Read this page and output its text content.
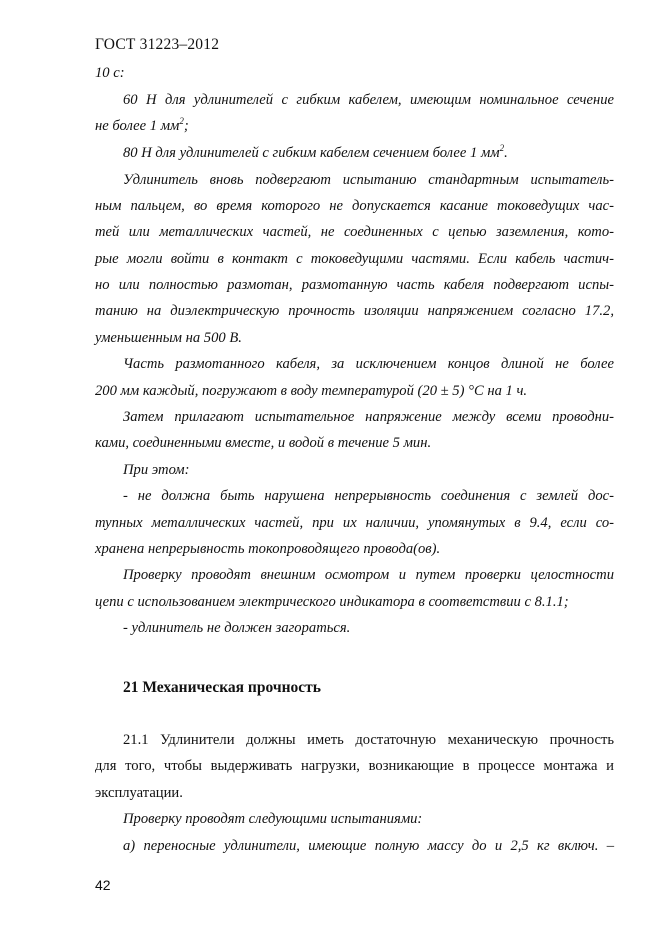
ГОСТ 31223–2012
10 с:
60 Н для удлинителей с гибким кабелем, имеющим номинальное сечение
не более 1 $мм^2$;
80 Н для удлинителей с гибким кабелем сечением более 1 $мм^2$.
Удлинитель вновь подвергают испытанию стандартным испытатель-
ным пальцем, во время которого не допускается касание токоведущих час-
тей или металлических частей, не соединенных с цепью заземления, кото-
рые могли войти в контакт с токоведущими частями. Если кабель частич-
но или полностью размотан, размотанную часть кабеля подвергают испы-
танию на диэлектрическую прочность изоляции напряжением согласно 17.2,
уменьшенным на 500 В.
Часть размотанного кабеля, за исключением концов длиной не более
200 мм каждый, погружают в воду температурой (20 ± 5) °С на 1 ч.
Затем прилагают испытательное напряжение между всеми проводни-
ками, соединенными вместе, и водой в течение 5 мин.
При этом:
- не должна быть нарушена непрерывность соединения с землей дос-
тупных металлических частей, при их наличии, упомянутых в 9.4, если со-
хранена непрерывность токопроводящего провода(ов).
Проверку проводят внешним осмотром и путем проверки целостности
цепи с использованием электрического индикатора в соответствии с 8.1.1;
- удлинитель не должен загораться.
21 Механическая прочность
21.1 Удлинители должны иметь достаточную механическую прочность
для того, чтобы выдерживать нагрузки, возникающие в процессе монтажа и
эксплуатации.
Проверку проводят следующими испытаниями:
а) переносные удлинители, имеющие полную массу до и 2,5 кг включ. –
42
